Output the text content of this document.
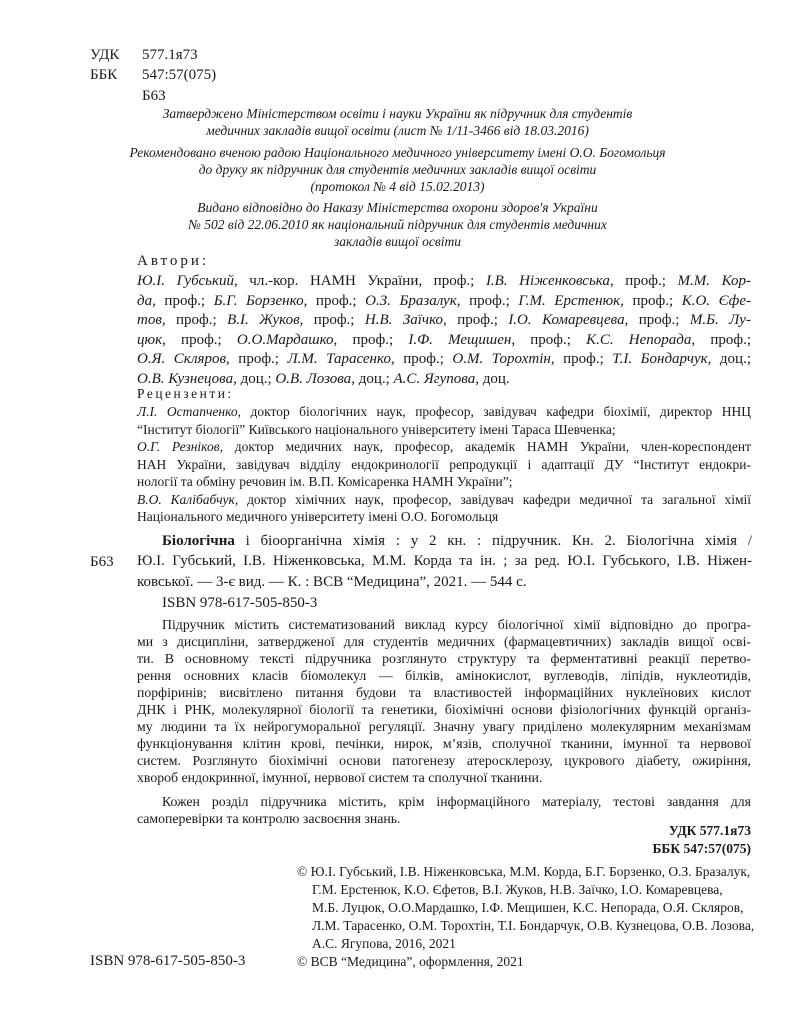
УДК 577.1я73
ББК 547:57(075)
Б63
Затверджено Міністерством освіти і науки України як підручник для студентів
медичних закладів вищої освіти (лист № 1/11-3466 від 18.03.2016)
Рекомендовано вченою радою Національного медичного університету імені О.О. Богомольця
до друку як підручник для студентів медичних закладів вищої освіти
(протокол № 4 від 15.02.2013)
Видано відповідно до Наказу Міністерства охорони здоров'я України
№ 502 від 22.06.2010 як національний підручник для студентів медичних
закладів вищої освіти
Автори:
Ю.І. Губський, чл.-кор. НАМН України, проф.; І.В. Ніженковська, проф.; М.М. Кор-
да, проф.; Б.Г. Борзенко, проф.; О.З. Бразалук, проф.; Г.М. Ерстенюк, проф.; К.О. Єфе-
тов, проф.; В.І. Жуков, проф.; Н.В. Заїчко, проф.; І.О. Комаревцева, проф.; М.Б. Лу-
цюк, проф.; О.О.Мардашко, проф.; І.Ф. Мещишен, проф.; К.С. Непорада, проф.;
О.Я. Скляров, проф.; Л.М. Тарасенко, проф.; О.М. Торохтін, проф.; Т.І. Бондарчук, доц.;
О.В. Кузнецова, доц.; О.В. Лозова, доц.; А.С. Ягупова, доц.
Рецензенти:
Л.І. Остапченко, доктор біологічних наук, професор, завідувач кафедри біохімії, директор ННЦ
“Інститут біології” Київського національного університету імені Тараса Шевченка;
О.Г. Резніков, доктор медичних наук, професор, академік НАМН України, член-кореспондент
НАН України, завідувач відділу ендокринології репродукції і адаптації ДУ “Інститут ендокри-
нології та обміну речовин ім. В.П. Комісаренка НАМН України”;
В.О. Калібабчук, доктор хімічних наук, професор, завідувач кафедри медичної та загальної хімії
Національного медичного університету імені О.О. Богомольця
Б63
Біологічна і біоорганічна хімія : у 2 кн. : підручник. Кн. 2. Біологічна хімія /
Ю.І. Губський, І.В. Ніженковська, М.М. Корда та ін. ; за ред. Ю.І. Губського, І.В. Ніжен-
ковської. — 3-є вид. — К. : ВСВ “Медицина”, 2021. — 544 с.
ISBN 978-617-505-850-3
Підручник містить систематизований виклад курсу біологічної хімії відповідно до програ-
ми з дисципліни, затвердженої для студентів медичних (фармацевтичних) закладів вищої осві-
ти. В основному тексті підручника розглянуто структуру та ферментативні реакції перетво-
рення основних класів біомолекул — білків, амінокислот, вуглеводів, ліпідів, нуклеотидів,
порфіринів; висвітлено питання будови та властивостей інформаційних нуклеїнових кислот
ДНК і РНК, молекулярної біології та генетики, біохімічні основи фізіологічних функцій організ-
му людини та їх нейрогуморальної регуляції. Значну увагу приділено молекулярним механізмам
функціонування клітин крові, печінки, нирок, м’язів, сполучної тканини, імунної та нервової
систем. Розглянуто біохімічні основи патогенезу атеросклерозу, цукрового діабету, ожиріння,
хвороб ендокринної, імунної, нервової систем та сполучної тканини.
Кожен розділ підручника містить, крім інформаційного матеріалу, тестові завдання для
самоперевірки та контролю засвоєння знань.
УДК 577.1я73
ББК 547:57(075)
© Ю.І. Губський, І.В. Ніженковська, М.М. Корда, Б.Г. Борзенко, О.З. Бразалук,
Г.М. Ерстенюк, К.О. Єфетов, В.І. Жуков, Н.В. Заїчко, І.О. Комаревцева,
М.Б. Луцюк, О.О.Мардашко, І.Ф. Мещишен, К.С. Непорада, О.Я. Скляров,
Л.М. Тарасенко, О.М. Торохтін, Т.І. Бондарчук, О.В. Кузнецова, О.В. Лозова,
А.С. Ягупова, 2016, 2021
© ВСВ “Медицина”, оформлення, 2021
ISBN 978-617-505-850-3
